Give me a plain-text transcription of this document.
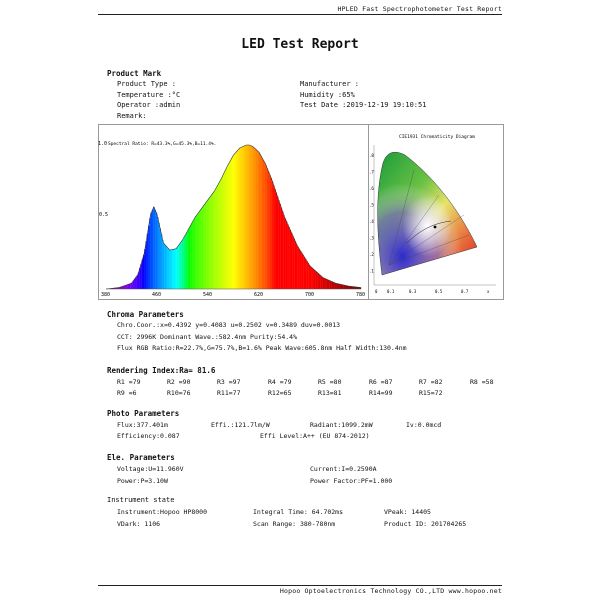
HPLED Fast Spectrophotometer Test Report
LED Test Report
Product Mark
Product Type :	Manufacturer :
Temperature :°C	Humidity :65%
Operator :admin	Test Date :2019-12-19 19:10:51
Remark:
Spectral Ratio: R=43.3%,G=45.3%,B=11.4%.
1.0
0.5
380	460	540	620	700	780
CIE1931 Chromaticity Diagram
.8
.7
.6
.5
.4
.3
.2
.1
0 0.1	0.3	0.5	0.7	x
Chroma Parameters
Chro.Coor.:x=0.4392 y=0.4083 u=0.2502 v=0.3489 duv=0.0013
CCT: 2996K Dominant Wave.:582.4nm Purity:54.4%
Flux RGB Ratio:R=22.7%,G=75.7%,B=1.6% Peak Wave:605.8nm Half Width:130.4nm
Rendering Index:Ra= 81.6
R1 =79	R2 =90	R3 =97	R4 =79	R5 =80	R6 =87	R7 =82	R8 =58
R9 =6	R10=76	R11=77	R12=65	R13=81	R14=99	R15=72
Photo Parameters
Flux:377.401m	Effi.:121.7lm/W	Radiant:1099.2mW	Iv:0.0mcd
Efficiency:0.087	Effi Level:A++ (EU 874-2012)
Ele. Parameters
Voltage:U=11.960V	Current:I=0.2590A
Power:P=3.10W	Power Factor:PF=1.000
Instrument state
Instrument:Hopoo HP8000	Integral Time: 64.702ms	VPeak: 14405
VDark: 1106	Scan Range: 380-780nm	Product ID: 201704265
Hopoo Optoelectronics Technology CO.,LTD www.hopoo.net
